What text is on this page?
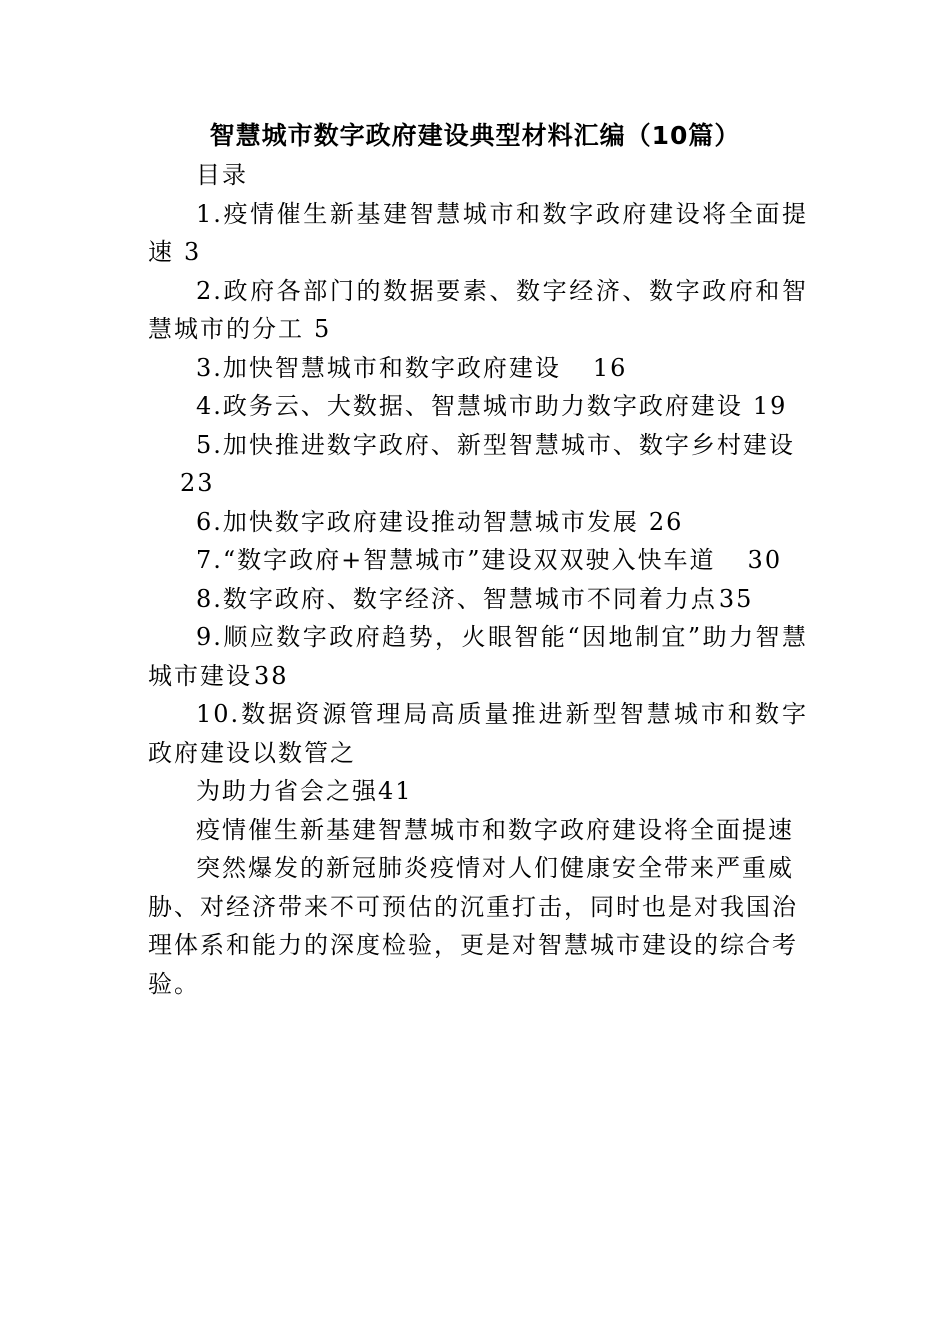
智慧城市数字政府建设典型材料汇编（10篇）

目录

1.疫情催生新基建智慧城市和数字政府建设将全面提速 3

2.政府各部门的数据要素、数字经济、数字政府和智慧城市的分工 5

3.加快智慧城市和数字政府建设 16

4.政务云、大数据、智慧城市助力数字政府建设 19

5.加快推进数字政府、新型智慧城市、数字乡村建设

23

6.加快数字政府建设推动智慧城市发展 26

7.“数字政府+智慧城市”建设双双驶入快车道 30

8.数字政府、数字经济、智慧城市不同着力点35

9.顺应数字政府趋势，火眼智能“因地制宜”助力智慧城市建设38

10.数据资源管理局高质量推进新型智慧城市和数字政府建设以数管之

为助力省会之强41

疫情催生新基建智慧城市和数字政府建设将全面提速

突然爆发的新冠肺炎疫情对人们健康安全带来严重威胁、对经济带来不可预估的沉重打击，同时也是对我国治理体系和能力的深度检验，更是对智慧城市建设的综合考验。
